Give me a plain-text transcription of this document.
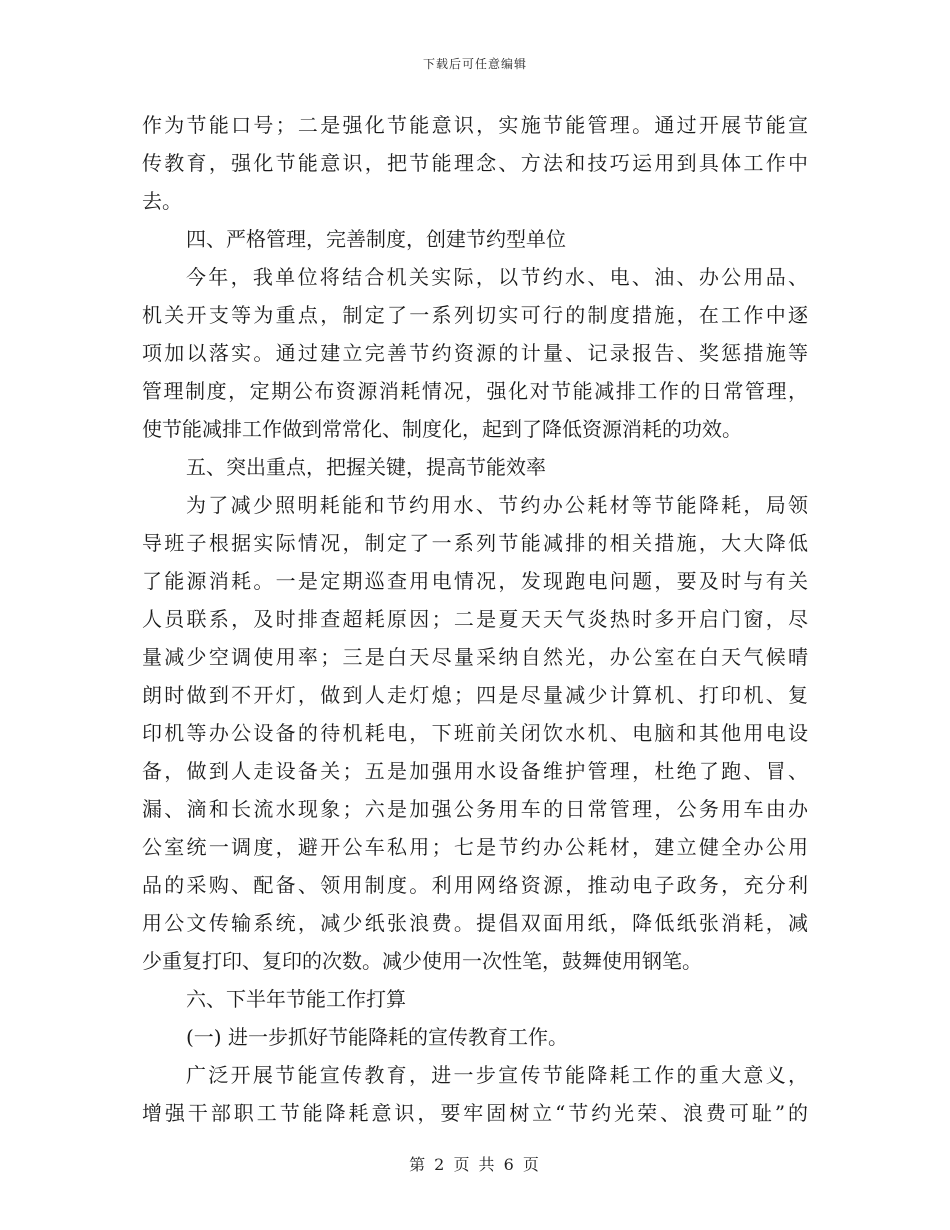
下载后可任意编辑
作为节能口号；二是强化节能意识，实施节能管理。通过开展节能宣
传教育，强化节能意识，把节能理念、方法和技巧运用到具体工作中
去。
四、严格管理，完善制度，创建节约型单位
今年，我单位将结合机关实际，以节约水、电、油、办公用品、
机关开支等为重点，制定了一系列切实可行的制度措施，在工作中逐
项加以落实。通过建立完善节约资源的计量、记录报告、奖惩措施等
管理制度，定期公布资源消耗情况，强化对节能减排工作的日常管理，
使节能减排工作做到常常化、制度化，起到了降低资源消耗的功效。
五、突出重点，把握关键，提高节能效率
为了减少照明耗能和节约用水、节约办公耗材等节能降耗，局领
导班子根据实际情况，制定了一系列节能减排的相关措施，大大降低
了能源消耗。一是定期巡查用电情况，发现跑电问题，要及时与有关
人员联系，及时排查超耗原因；二是夏天天气炎热时多开启门窗，尽
量减少空调使用率；三是白天尽量采纳自然光，办公室在白天气候晴
朗时做到不开灯，做到人走灯熄；四是尽量减少计算机、打印机、复
印机等办公设备的待机耗电，下班前关闭饮水机、电脑和其他用电设
备，做到人走设备关；五是加强用水设备维护管理，杜绝了跑、冒、
漏、滴和长流水现象；六是加强公务用车的日常管理，公务用车由办
公室统一调度，避开公车私用；七是节约办公耗材，建立健全办公用
品的采购、配备、领用制度。利用网络资源，推动电子政务，充分利
用公文传输系统，减少纸张浪费。提倡双面用纸，降低纸张消耗，减
少重复打印、复印的次数。减少使用一次性笔，鼓舞使用钢笔。
六、下半年节能工作打算
(一) 进一步抓好节能降耗的宣传教育工作。
广泛开展节能宣传教育，进一步宣传节能降耗工作的重大意义，
增强干部职工节能降耗意识，要牢固树立“节约光荣、浪费可耻”的
第 2 页 共 6 页
